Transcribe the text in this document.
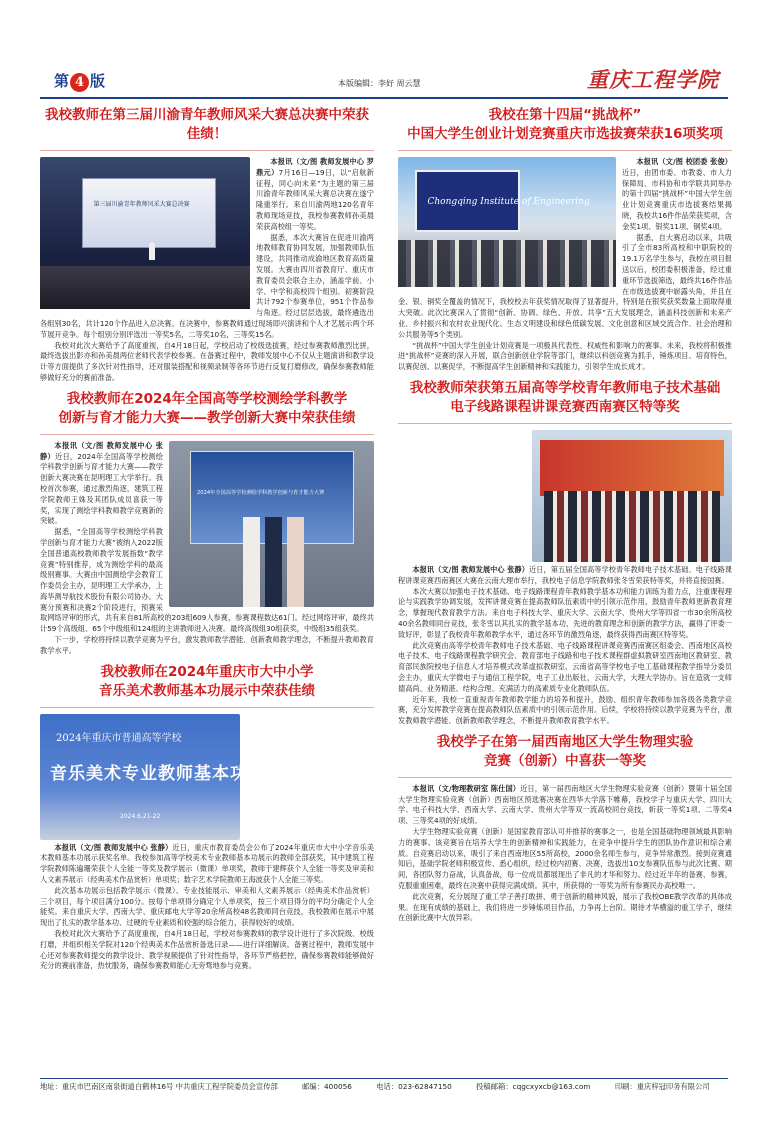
第 4 版	本版编辑：李好 周云慧	重庆工程学院
我校教师在第三届川渝青年教师风采大赛总决赛中荣获佳绩！
第三届川渝青年教师风采大赛总决赛

本报讯（文/图 教师发展中心 罗鼎元）7月16日—19日，以“启航新征程，同心向未来”为主题的第三届川渝青年教师风采大赛总决赛在遂宁隆重举行。来自川渝两地120名青年教师现场竞技，我校参赛教师孙美晨荣获高校组一等奖。

据悉，本次大赛旨在促进川渝两地教师教育协同发展，加强教师队伍建设，共同推动成渝地区教育高质量发展。大赛由四川省教育厅、重庆市教育委员会联合主办，涵盖学前、小学、中学和高校四个组别。初赛阶段共计792个参赛单位，951个作品参与角逐。经过层层选拔，最终遴选出各组别30名，共计120个作品进入总决赛。在决赛中，参赛教师通过现场即兴演讲和个人才艺展示两个环节展开竞争。每个组别分别评选出一等奖5名，二等奖10名，三等奖15名。

我校对此次大赛给予了高度重视，自4月18日起，学校启动了校级选拔赛，经过参赛教师激烈比拼，最终选拔出影亦和孙美晨两位老师代表学校参赛。在备赛过程中，教师发展中心不仅从主题演讲和教学设计等方面提供了多次针对性指导，还对服装搭配和视频录制等各环节进行反复打磨修改，确保参赛教师能够做好充分的赛前准备。

我校教师在2024年全国高等学校测绘学科教学
创新与育才能力大赛——教学创新大赛中荣获佳绩
2024年全国高等学校测绘学科教学创新与育才能力大赛

本报讯（文/图 教师发展中心 张静）近日，2024年全国高等学校测绘学科教学创新与育才能力大赛——教学创新大赛决赛在昆明理工大学举行。我校首次参赛，通过激烈角逐，建筑工程学院教师王姝及其团队成员喜获一等奖，实现了测绘学科教师教学竞赛新的突破。

据悉，“全国高等学校测绘学科教学创新与育才能力大赛”被纳入2022版全国普通高校教师教学发展指数“教学竞赛”特别推荐，成为测绘学科的最高级别赛事。大赛由中国测绘学会教育工作委员会主办，昆明理工大学承办，上海华测导航技术股份有限公司协办。大赛分预赛和决赛2个阶段进行，预赛采取网络评审的形式，共有来自81所高校的203组609人参赛，参赛课程数达61门。经过网络评审，最终共计59个高级组、65个中级组和124组的主讲教师进入决赛。最终高级组30组获奖，中级组35组获奖。

下一步，学校将持续以教学竞赛为平台，激发教师教学潜能、创新教师教学理念，不断提升教师教育教学水平。

我校教师在2024年重庆市大中小学
音乐美术教师基本功展示中荣获佳绩
2024年重庆市普通高等学校
音乐美术专业教师基本功展示
2024.6.21-22

本报讯（文/图 教师发展中心 张静）近日，重庆市教育委员会公布了2024年重庆市大中小学音乐美术教师基本功展示获奖名单。我校参加高等学校美术专业教师基本功展示的教师全部获奖，其中建筑工程学院教师陈遍珊荣获个人全能一等奖及教学展示（微课）单项奖，教师于建辉获个人全能一等奖及审美和人文素养展示（经典美术作品赏析）单项奖；数字艺术学院教师王海波获个人全能三等奖。

此次基本功展示包括教学展示（微课）、专业技能展示、审美和人文素养展示（经典美术作品赏析）三个项目，每个项目满分100分。按每个单项得分确定个人单项奖，按三个项目得分的平均分确定个人全能奖。来自重庆大学、西南大学、重庆邮电大学等20余所高校48名教师同台竞技，我校教师在展示中展现出了扎实的教学基本功、过硬的专业素质和较强的综合能力，获得较好的成绩。

我校对此次大赛给予了高度重视，自4月18日起，学校对参赛教师的教学设计进行了多次院级、校级打磨，并组织相关学院对120个经典美术作品赏析备选曰录——进行详细解读。备赛过程中，教师发展中心还对参赛教师提交的教学设计、教学视频提供了针对性指导，各环节严格把控，确保参赛教师能够做好充分的赛前准备，热忱服务，确保参赛教师能心无旁骛地参与竞赛。

我校在第十四届“挑战杯”
中国大学生创业计划竞赛重庆市选拔赛荣获16项奖项
Chongqing Institute of Engineering

本报讯（文/图 校团委 张俊）近日，由团市委、市教委、市人力保障局、市科协和市学联共同举办的第十四届“挑战杯”中国大学生创业计划竞赛重庆市选拔赛结果揭晓，我校共16件作品荣获奖项，含金奖1项、银奖11项、铜奖4项。

据悉，自大赛启动以来，共吸引了全市83所高校和中职院校的19.1万名学生参与，我校在项目报送以后，校团委积极准备，经过重重环节选拔筛选，最终共16件作品在市级选拔赛中崭露头角，并且在金、银、铜奖全覆盖的情况下，我校校去年获奖情况取得了显著提升，特别是在银奖获奖数量上面取得重大突破。此次比赛深入了贯彻“创新、协调、绿色、开放、共享”五大发展理念，涵盖科技创新和未来产业、乡村振兴和农村农业现代化、生态文明建设和绿色低碳发展、文化创意和区域交流合作、社会治理和公共服务等5个类别。

“挑战杯”中国大学生创业计划竞赛是一项极具代表性、权威性和影响力的赛事。未来，我校将积极推进“挑战杯”竞赛的深入开展，联合创新创业学院等部门，继续以科创竞赛为抓手，锤炼项目、培育特色，以赛促创、以赛促学，不断提高学生创新精神和实践能力，引领学生成长成才。

我校教师荣获第五届高等学校青年教师电子技术基础
电子线路课程讲课竞赛西南赛区特等奖

本报讯（文/图 教师发展中心 张静）近日，第五届全国高等学校青年教师电子技术基础、电子线路课程讲课竞赛西南赛区大赛在云南大理市举行，我校电子信息学院教师张冬雪荣获特等奖，并将直接国赛。

本次大赛以加强电子技术基础、电子线路课程青年教师教学基本功和能力训练为着力点，注重课程理论与实践教学协调发展，发挥讲课竞赛在提高教师队伍素质中的引领示范作用，鼓励青年教师更新教育理念，掌握现代教育教学方法。来自电子科技大学、重庆大学、云南大学、贵州大学等四省一市30余所高校40余名教师同台竞技，张冬雪以其扎实的教学基本功、先进的教育理念和创新的教学方法，赢得了评委一致好评，彰显了我校青年教师教学水平，通过各环节的激烈角逐，最终获得西南赛区特等奖。

此次竞赛由高等学校青年教师电子技术基础、电子线路课程讲课竞赛西南赛区组委会、西南地区高校电子技术、电子线路课程教学研究会、教育部电子线路和电子技术课程群虚拟教研室西南地区教研室、教育部民族院校电子信息人才培养模式改革虚拟教研室、云南省高等学校电子电工基础课程教学指导分委员会主办，重庆大学微电子与通信工程学院，电子工业出版社，云南大学，大理大学协办。旨在造就一支师德高尚、业务精湛、结构合理、充满活力的高素质专业化教师队伍。

近年来，我校一直重视青年教师教学能力的培养和提升，鼓励、组织青年教师参加各级各类教学竞赛，充分发挥教学竞赛在提高教师队伍素质中的引领示范作用。后续，学校将持续以教学竞赛为平台，激发教师教学潜能、创新教师教学理念，不断提升教师教育教学水平。

我校学子在第一届西南地区大学生物理实验
竞赛（创新）中喜获一等奖

本报讯（文/物理教研室 陈仕国）近日，第一届西南地区大学生物理实验竞赛（创新）暨第十届全国大学生物理实验竞赛（创新）西南地区预选赛决赛在西华大学落下帷幕，我校学子与重庆大学、四川大学、电子科技大学、西南大学、云南大学、贵州大学等双一流高校同台竞技，斩获一等奖1项、二等奖4项、三等奖4项的好成绩。

大学生物理实验竞赛（创新）是国家教育部认可并推荐的赛事之一，也是全国基础物理领域最具影响力的赛事。该竞赛旨在培养大学生的创新精神和实践能力，在竞争中提升学生的团队协作意识和综合素质。自竞赛启动以来，吸引了来自西南地区55所高校，2000余名师生参与，竞争异常激烈。接到竞赛通知后，基础学院老师积极宣传、悉心组织，经过校内初赛、决赛，选拔出10支参赛队伍参与此次比赛。期间，各团队努力奋战，认真备战，每一位成员都展现出了非凡的才华和努力。经过近半年的备赛、参赛，克服重重困难，最终在决赛中获得完满成绩。其中，所获得的一等奖为所有参赛民办高校唯一。

此次竞赛，充分展现了重工学子善打敢拼、勇于创新的精神风貌，展示了我校OBE教学改革的具体成果。在现有成绩的基础上，我们将进一步锤炼项目作品，力争再上台阶。期待才华横溢的重工学子，继续在创新比赛中大放异彩。

地址：重庆市巴南区南泉街道白鹤林16号 中共重庆工程学院委员会宣传部	邮编：400056	电话：023-62847150	投稿邮箱：cqgcxyxcb@163.com	印刷：重庆梓冠印务有限公司
